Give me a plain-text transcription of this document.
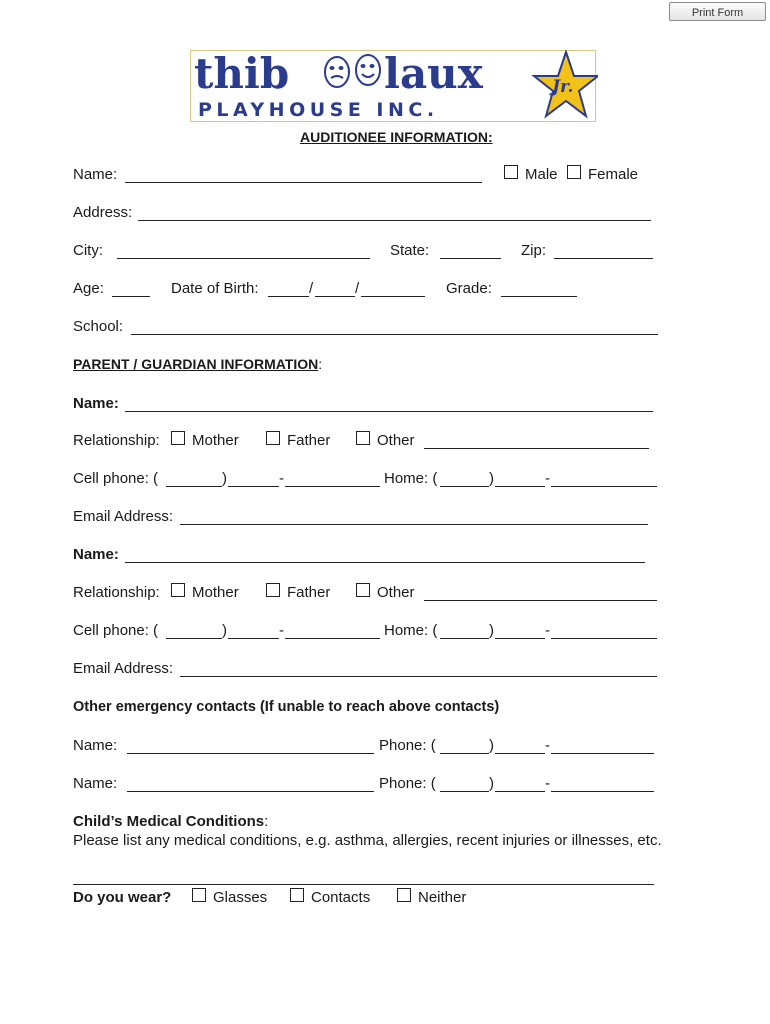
Print Form
thib laux
PLAYHOUSE INC.
Jr.
AUDITIONEE INFORMATION:
Name:	Male Female
Address:
City:	State:	Zip:
Age:	Date of Birth:	/	/	Grade:
School:
PARENT / GUARDIAN INFORMATION:
Name:
Relationship: Mother	Father	Other
Cell phone: (	)	-	Home: (	)	-
Email Address:
Name:
Relationship: Mother	Father	Other
Cell phone: (	)	-	Home: (	)	-
Email Address:
Other emergency contacts (If unable to reach above contacts)
Name:	Phone: (	)	-
Name:	Phone: (	)	-
Child’s Medical Conditions:
Please list any medical conditions, e.g. asthma, allergies, recent injuries or illnesses, etc.
Do you wear?	Glasses	Contacts	Neither
